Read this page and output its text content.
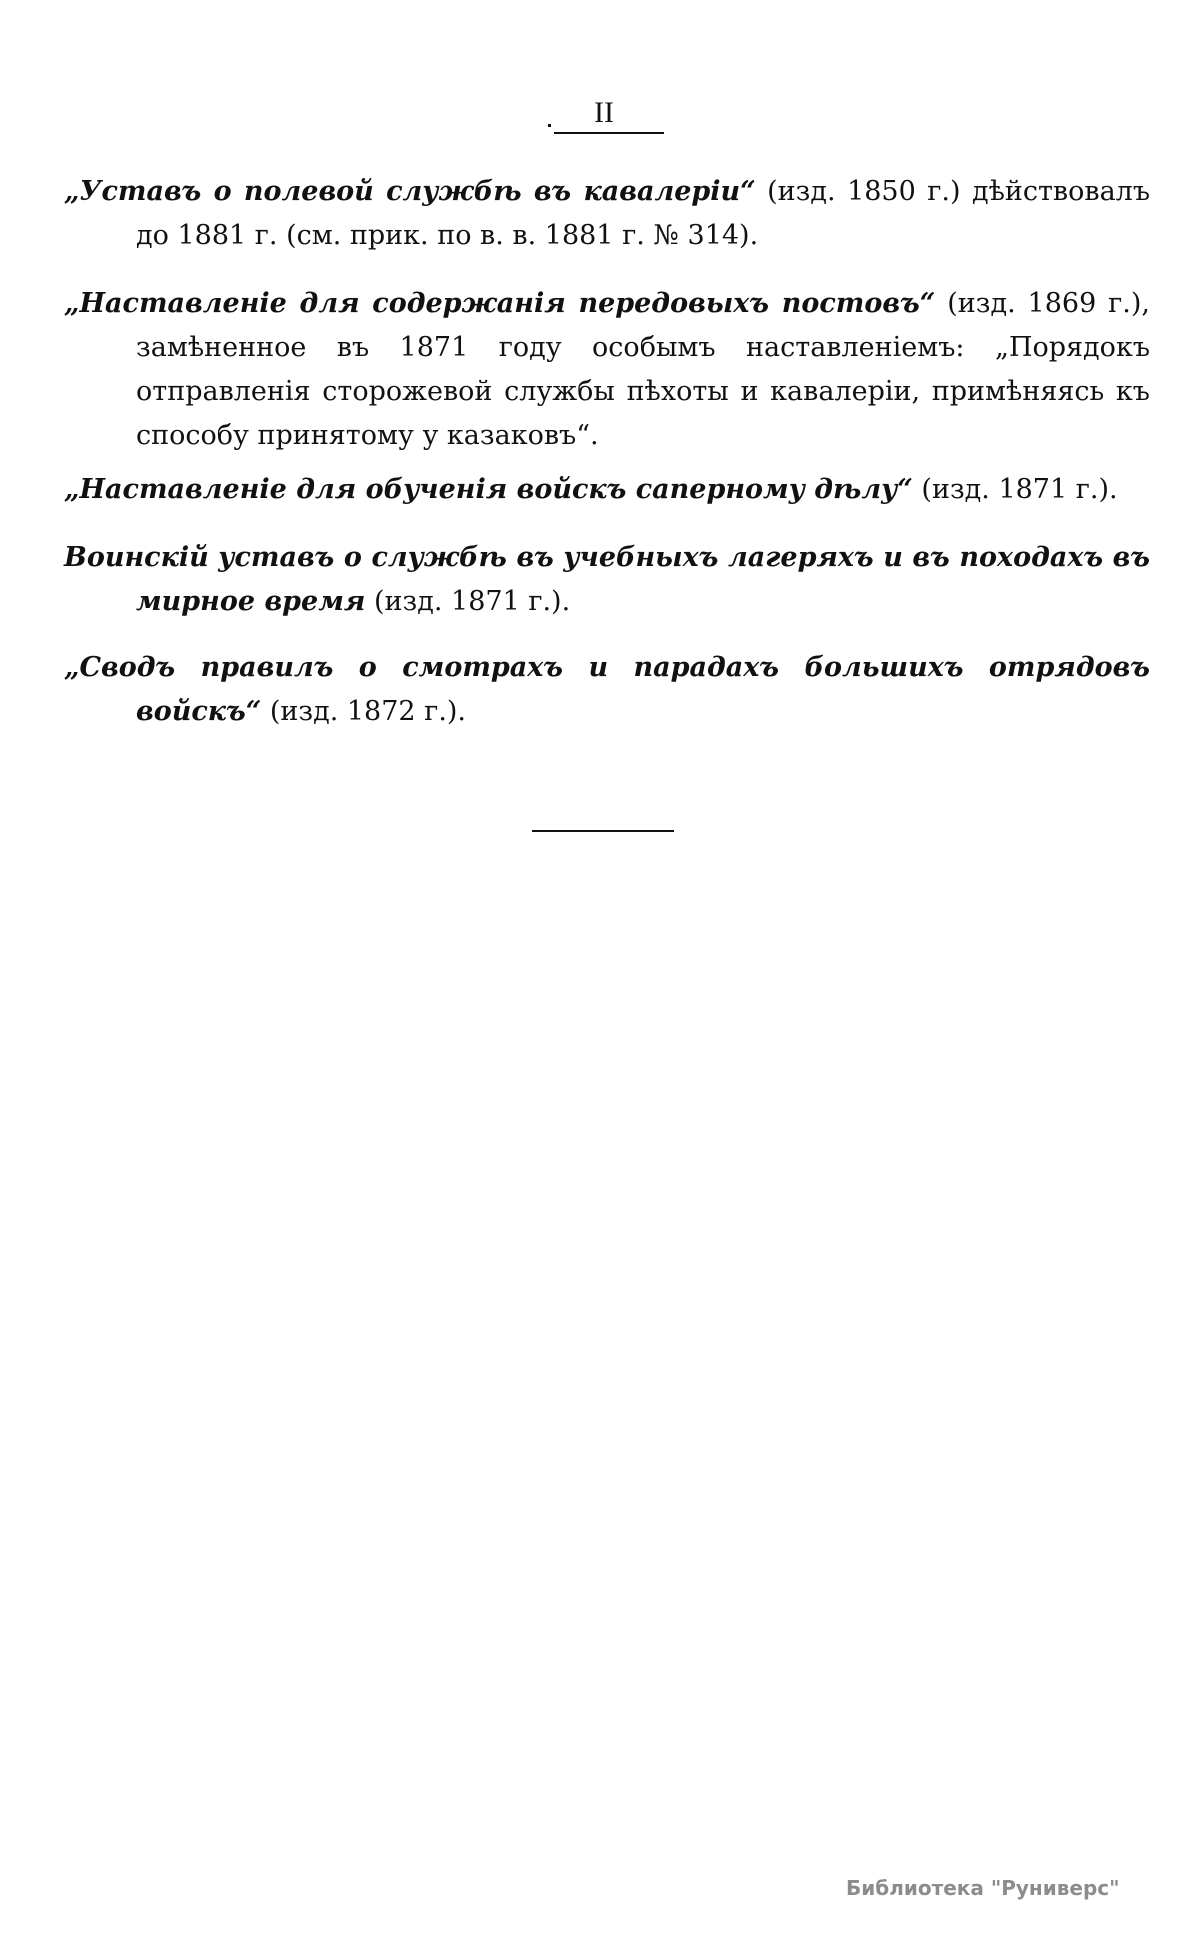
II
„Уставъ о полевой службѣ въ кавалеріи“ (изд. 1850 г.) дѣйствовалъ до 1881 г. (см. прик. по в. в. 1881 г. № 314).
„Наставленіе для содержанія передовыхъ постовъ“ (изд. 1869 г.), замѣненное въ 1871 году особымъ наставленіемъ: „Порядокъ отправленія сторожевой службы пѣхоты и кавалеріи, примѣняясь къ способу принятому у казаковъ“.
„Наставленіе для обученія войскъ саперному дѣлу“ (изд. 1871 г.).
Воинскій уставъ о службѣ въ учебныхъ лагеряхъ и въ походахъ въ мирное время (изд. 1871 г.).
„Сводъ правилъ о смотрахъ и парадахъ большихъ отрядовъ войскъ“ (изд. 1872 г.).
Библиотека "Руниверс"
